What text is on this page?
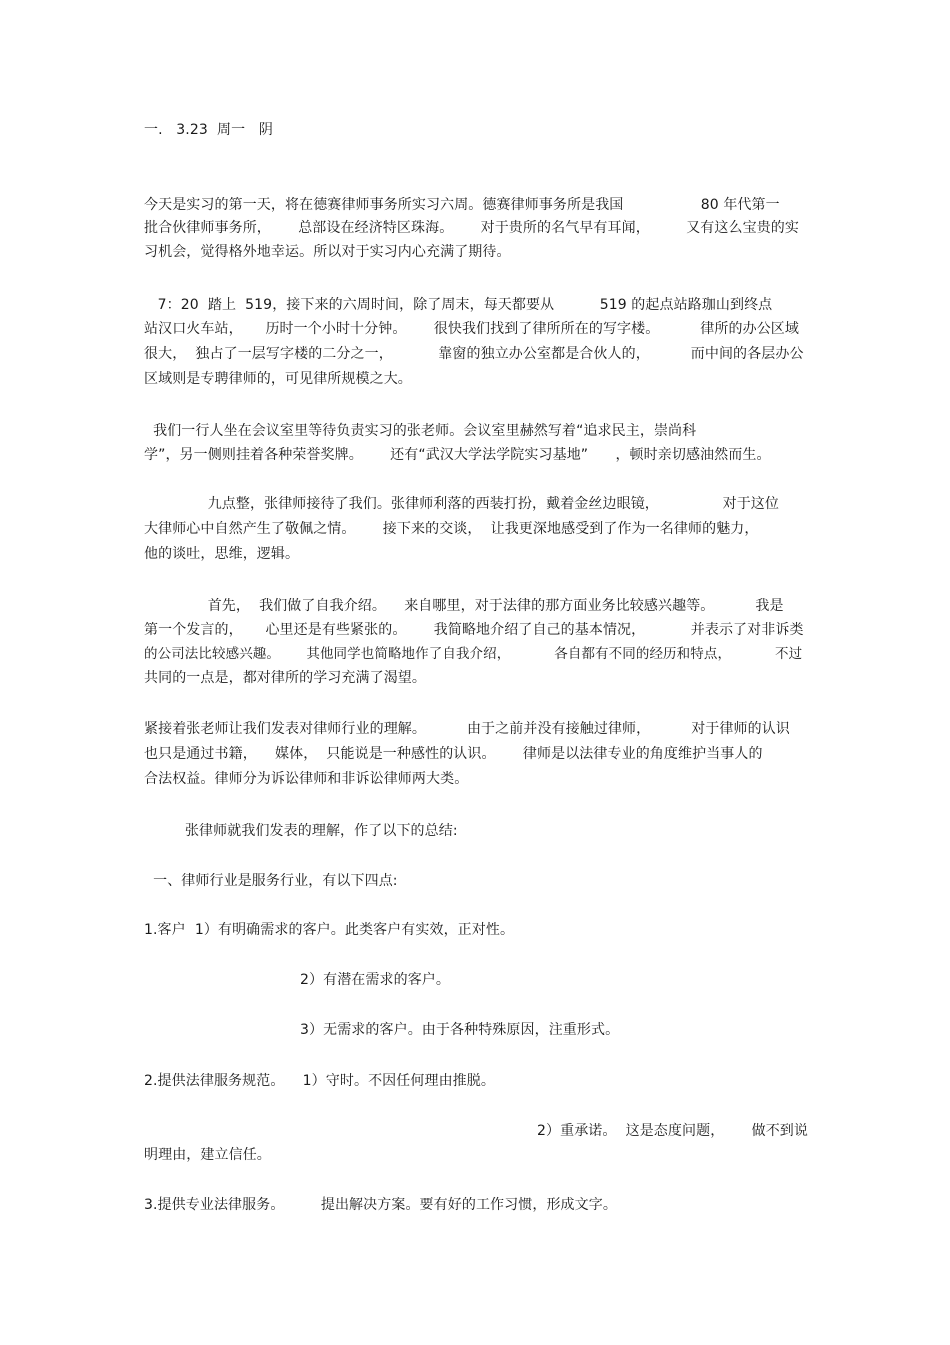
一.   3.23  周一   阴
今天是实习的第一天，将在德赛律师事务所实习六周。德赛律师事务所是我国                 80 年代第一
批合伙律师事务所，      总部设在经济特区珠海。      对于贵所的名气早有耳闻，        又有这么宝贵的实
习机会，觉得格外地幸运。所以对于实习内心充满了期待。
7：20  踏上  519，接下来的六周时间，除了周末，每天都要从          519 的起点站路珈山到终点
站汉口火车站，     历时一个小时十分钟。      很快我们找到了律所所在的写字楼。         律所的办公区域
很大，  独占了一层写字楼的二分之一，          靠窗的独立办公室都是合伙人的，         而中间的各层办公
区域则是专聘律师的，可见律所规模之大。
我们一行人坐在会议室里等待负责实习的张老师。会议室里赫然写着“追求民主，崇尚科
学”，另一侧则挂着各种荣誉奖牌。      还有“武汉大学法学院实习基地”      ，顿时亲切感油然而生。
九点整，张律师接待了我们。张律师利落的西装打扮，戴着金丝边眼镜，              对于这位
大律师心中自然产生了敬佩之情。      接下来的交谈，  让我更深地感受到了作为一名律师的魅力，
他的谈吐，思维，逻辑。
首先，  我们做了自我介绍。    来自哪里，对于法律的那方面业务比较感兴趣等。         我是
第一个发言的，     心里还是有些紧张的。      我简略地介绍了自己的基本情况，          并表示了对非诉类
的公司法比较感兴趣。      其他同学也简略地作了自我介绍，          各自都有不同的经历和特点，          不过
共同的一点是，都对律所的学习充满了渴望。
紧接着张老师让我们发表对律师行业的理解。         由于之前并没有接触过律师，         对于律师的认识
也只是通过书籍，    媒体，  只能说是一种感性的认识。      律师是以法律专业的角度维护当事人的
合法权益。律师分为诉讼律师和非诉讼律师两大类。
张律师就我们发表的理解，作了以下的总结:
一、律师行业是服务行业，有以下四点:
1.客户  1）有明确需求的客户。此类客户有实效，正对性。
2）有潜在需求的客户。
3）无需求的客户。由于各种特殊原因，注重形式。
2.提供法律服务规范。    1）守时。不因任何理由推脱。
2）重承诺。  这是态度问题，      做不到说
明理由，建立信任。
3.提供专业法律服务。        提出解决方案。要有好的工作习惯，形成文字。
